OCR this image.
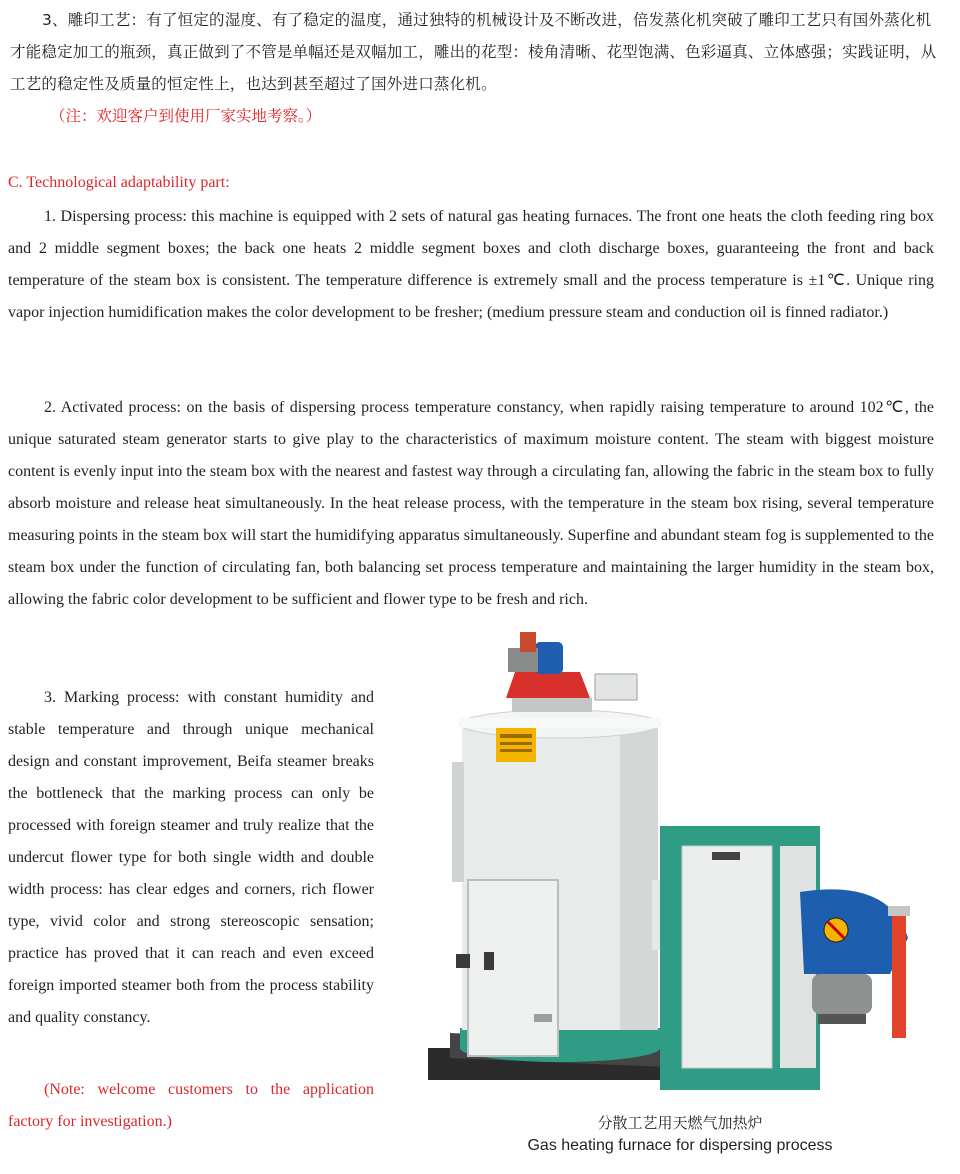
3、雕印工艺：有了恒定的湿度、有了稳定的温度，通过独特的机械设计及不断改进，倍发蒸化机突破了雕印工艺只有国外蒸化机才能稳定加工的瓶颈，真正做到了不管是单幅还是双幅加工，雕出的花型：棱角清晰、花型饱满、色彩逼真、立体感强；实践证明，从工艺的稳定性及质量的恒定性上，也达到甚至超过了国外进口蒸化机。

（注：欢迎客户到使用厂家实地考察。）

C. Technological adaptability part:

1. Dispersing process: this machine is equipped with 2 sets of natural gas heating furnaces. The front one heats the cloth feeding ring box and 2 middle segment boxes; the back one heats 2 middle segment boxes and cloth discharge boxes, guaranteeing the front and back temperature of the steam box is consistent. The temperature difference is extremely small and the process temperature is ±1℃. Unique ring vapor injection humidification makes the color development to be fresher; (medium pressure steam and conduction oil is finned radiator.)

2. Activated process: on the basis of dispersing process temperature constancy, when rapidly raising temperature to around 102℃, the unique saturated steam generator starts to give play to the characteristics of maximum moisture content. The steam with biggest moisture content is evenly input into the steam box with the nearest and fastest way through a circulating fan, allowing the fabric in the steam box to fully absorb moisture and release heat simultaneously. In the heat release process, with the temperature in the steam box rising, several temperature measuring points in the steam box will start the humidifying apparatus simultaneously. Superfine and abundant steam fog is supplemented to the steam box under the function of circulating fan, both balancing set process temperature and maintaining the larger humidity in the steam box, allowing the fabric color development to be sufficient and flower type to be fresh and rich.

3. Marking process: with constant humidity and stable temperature and through unique mechanical design and constant improvement, Beifa steamer breaks the bottleneck that the marking process can only be processed with foreign steamer and truly realize that the undercut flower type for both single width and double width process: has clear edges and corners, rich flower type, vivid color and strong stereoscopic sensation; practice has proved that it can reach and even exceed foreign imported steamer both from the process stability and quality constancy.

(Note: welcome customers to the application factory for investigation.)	分散工艺用天燃气加热炉
Gas heating furnace for dispersing process
